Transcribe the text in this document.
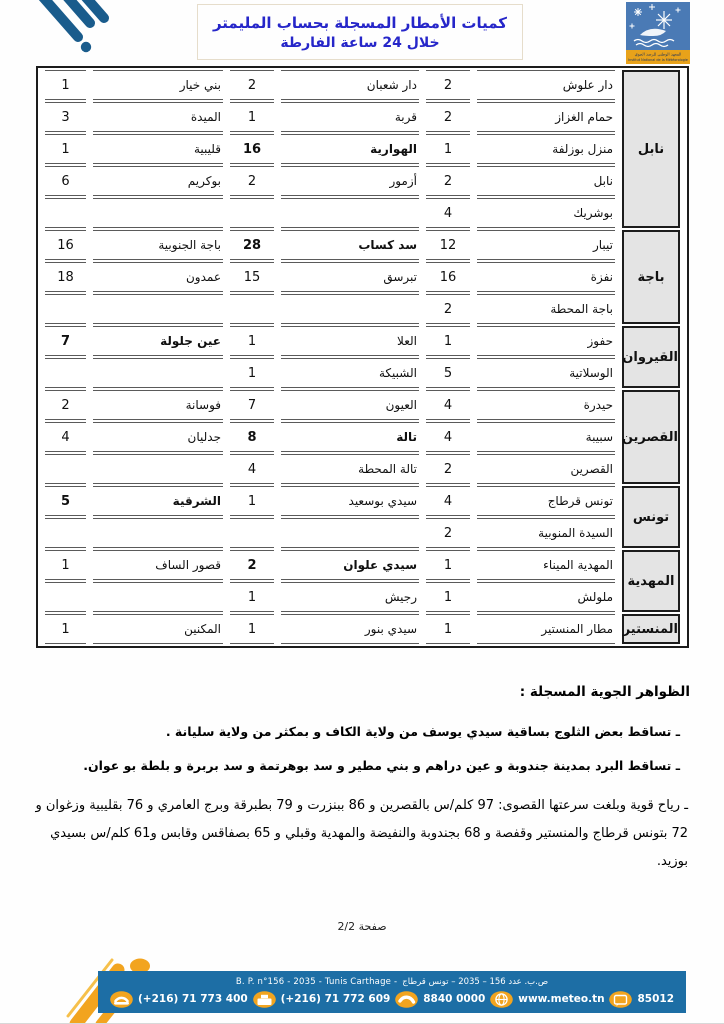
كميات الأمطار المسجلة بحساب المليمتر
خلال 24 ساعة الفارطة
المعهد الوطني للرصد الجوي
Institut National de la Météorologie
نابل	دار علوش	2	دار شعبان	2	بني خيار	1
	حمام الغزاز	2	قربة	1	الميدة	3
	منزل بوزلفة	1	الهوارية	16	قليبية	1
	نابل	2	أزمور	2	بوكريم	6
	بوشريك	4				
باجة	تيبار	12	سد كساب	28	باجة الجنوبية	16
	نفزة	16	تبرسق	15	عمدون	18
	باجة المحطة	2				
القيروان	حفوز	1	العلا	1	عين جلولة	7
	الوسلاتية	5	الشبيكة	1		
القصرين	حيدرة	4	العيون	7	فوسانة	2
	سبيبة	4	تالة	8	جدليان	4
	القصرين	2	تالة المحطة	4		
تونس	تونس قرطاج	4	سيدي بوسعيد	1	الشرقية	5
	السيدة المنوبية	2				
المهدية	المهدية الميناء	1	سيدي علوان	2	قصور الساف	1
	ملولش	1	رجيش	1		
المنستير	مطار المنستير	1	سيدي بنور	1	المكنين	1
الظواهر الجوية المسجلة :
ـ تساقط بعض الثلوج بساقية سيدي يوسف من ولاية الكاف و بمكثر من ولاية سليانة .
ـ تساقط البرد بمدينة جندوبة و عين دراهم و بني مطير و سد بوهرتمة و سد بربرة و بلطة بو عوان.
ـ رياح قوية وبلغت سرعتها القصوى: 97 كلم/س بالقصرين و 86 ببنزرت و 79 بطبرقة وبرج العامري و 76 بقليبية وزغوان و 72 بتونس قرطاج والمنستير وقفصة و 68 بجندوبة والنفيضة والمهدية وقبلي و 65 بصفاقس وقابس و61 كلم/س بسيدي بوزيد.
صفحة 2/2
B. P. n°156 - 2035 - Tunis Carthage - ص.ب. عدد 156 – 2035 – تونس قرطاج
(+216) 71 773 400	(+216) 71 772 609	8840 0000	www.meteo.tn	85012
